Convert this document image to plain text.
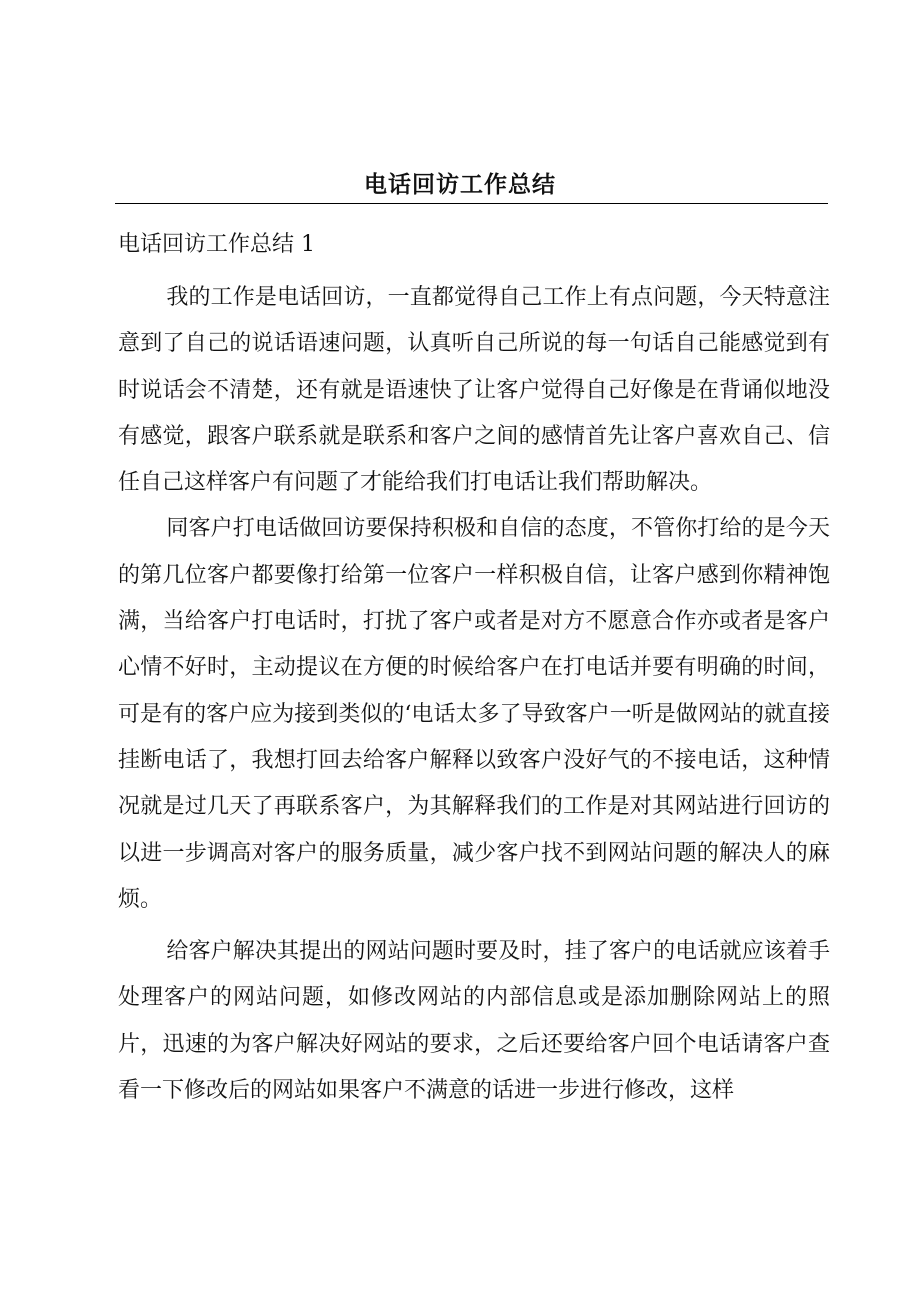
电话回访工作总结

电话回访工作总结 1

我的工作是电话回访，一直都觉得自己工作上有点问题，今天特意注意到了自己的说话语速问题，认真听自己所说的每一句话自己能感觉到有时说话会不清楚，还有就是语速快了让客户觉得自己好像是在背诵似地没有感觉，跟客户联系就是联系和客户之间的感情首先让客户喜欢自己、信任自己这样客户有问题了才能给我们打电话让我们帮助解决。

同客户打电话做回访要保持积极和自信的态度，不管你打给的是今天的第几位客户都要像打给第一位客户一样积极自信，让客户感到你精神饱满，当给客户打电话时，打扰了客户或者是对方不愿意合作亦或者是客户心情不好时，主动提议在方便的时候给客户在打电话并要有明确的时间，可是有的客户应为接到类似的‘电话太多了导致客户一听是做网站的就直接挂断电话了，我想打回去给客户解释以致客户没好气的不接电话，这种情况就是过几天了再联系客户，为其解释我们的工作是对其网站进行回访的以进一步调高对客户的服务质量，减少客户找不到网站问题的解决人的麻烦。

给客户解决其提出的网站问题时要及时，挂了客户的电话就应该着手处理客户的网站问题，如修改网站的内部信息或是添加删除网站上的照片，迅速的为客户解决好网站的要求，之后还要给客户回个电话请客户查看一下修改后的网站如果客户不满意的话进一步进行修改，这样
